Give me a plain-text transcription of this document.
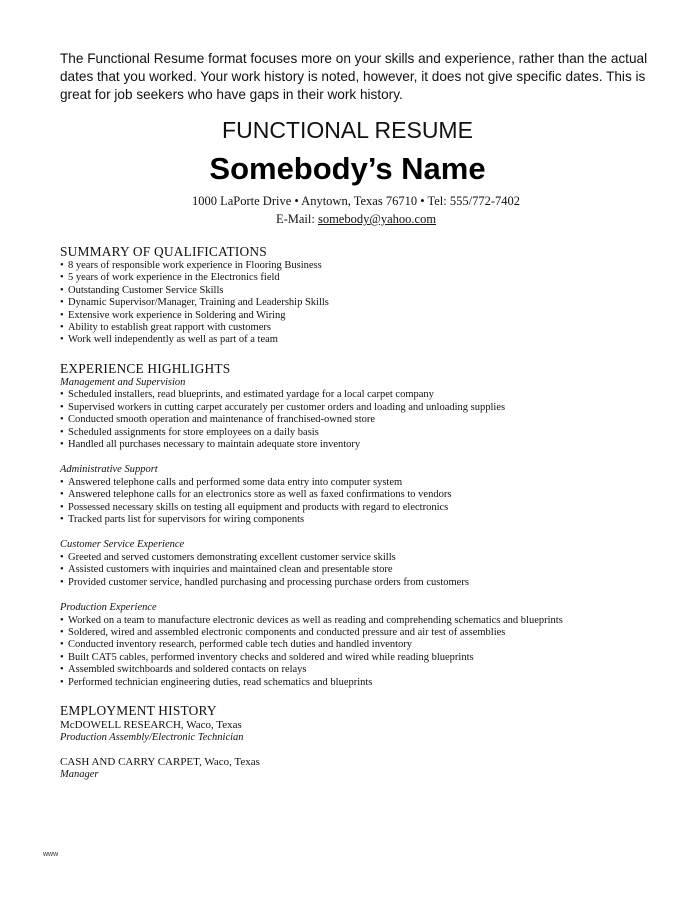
The Functional Resume format focuses more on your skills and experience, rather than the actual dates that you worked. Your work history is noted, however, it does not give specific dates. This is great for job seekers who have gaps in their work history.
FUNCTIONAL RESUME
Somebody’s Name
1000 LaPorte Drive • Anytown, Texas 76710 • Tel: 555/772-7402
E-Mail: somebody@yahoo.com
SUMMARY OF QUALIFICATIONS
• 8 years of responsible work experience in Flooring Business
• 5 years of work experience in the Electronics field
• Outstanding Customer Service Skills
• Dynamic Supervisor/Manager, Training and Leadership Skills
• Extensive work experience in Soldering and Wiring
• Ability to establish great rapport with customers
• Work well independently as well as part of a team
EXPERIENCE HIGHLIGHTS
Management and Supervision
• Scheduled installers, read blueprints, and estimated yardage for a local carpet company
• Supervised workers in cutting carpet accurately per customer orders and loading and unloading supplies
• Conducted smooth operation and maintenance of franchised-owned store
• Scheduled assignments for store employees on a daily basis
• Handled all purchases necessary to maintain adequate store inventory
Administrative Support
• Answered telephone calls and performed some data entry into computer system
• Answered telephone calls for an electronics store as well as faxed confirmations to vendors
• Possessed necessary skills on testing all equipment and products with regard to electronics
• Tracked parts list for supervisors for wiring components
Customer Service Experience
• Greeted and served customers demonstrating excellent customer service skills
• Assisted customers with inquiries and maintained clean and presentable store
• Provided customer service, handled purchasing and processing purchase orders from customers
Production Experience
• Worked on a team to manufacture electronic devices as well as reading and comprehending schematics and blueprints
• Soldered, wired and assembled electronic components and conducted pressure and air test of assemblies
• Conducted inventory research, performed cable tech duties and handled inventory
• Built CAT5 cables, performed inventory checks and soldered and wired while reading blueprints
• Assembled switchboards and soldered contacts on relays
• Performed technician engineering duties, read schematics and blueprints
EMPLOYMENT HISTORY
McDOWELL RESEARCH, Waco, Texas
Production Assembly/Electronic Technician
CASH AND CARRY CARPET, Waco, Texas
Manager
www
